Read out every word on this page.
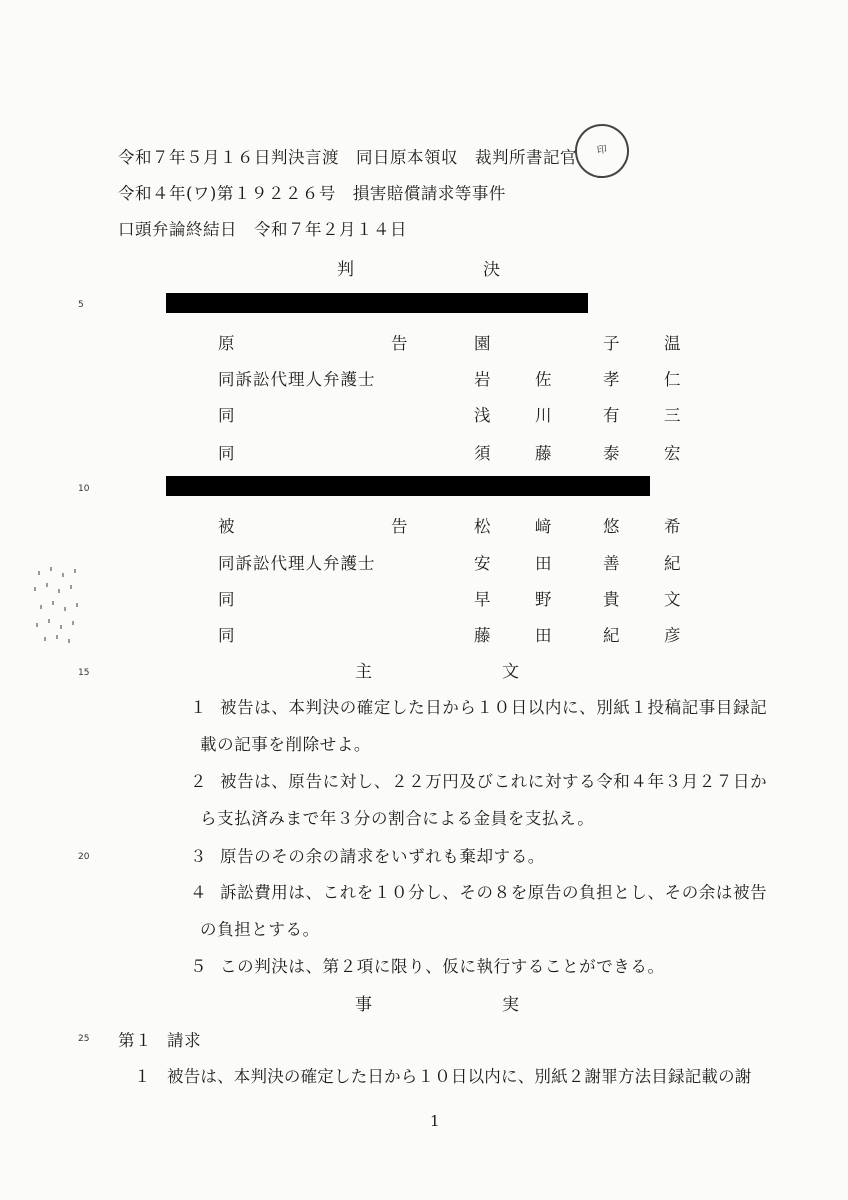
令和７年５月１６日判決言渡　同日原本領収　裁判所書記官
令和４年(ワ)第１９２２６号　損害賠償請求等事件
口頭弁論終結日　令和７年２月１４日
印
判	決
5
10
15
20
25
原	告	園	子	温
同訴訟代理人弁護士	岩	佐	孝	仁
同	浅	川	有	三
同	須	藤	泰	宏
被	告	松	﨑	悠	希
同訴訟代理人弁護士	安	田	善	紀
同	早	野	貴	文
同	藤	田	紀	彦
主	文
１ 被告は、本判決の確定した日から１０日以内に、別紙１投稿記事目録記
載の記事を削除せよ。
２ 被告は、原告に対し、２２万円及びこれに対する令和４年３月２７日か
ら支払済みまで年３分の割合による金員を支払え。
３ 原告のその余の請求をいずれも棄却する。
４ 訴訟費用は、これを１０分し、その８を原告の負担とし、その余は被告
の負担とする。
５ この判決は、第２項に限り、仮に執行することができる。
事	実
第１ 請求
１ 被告は、本判決の確定した日から１０日以内に、別紙２謝罪方法目録記載の謝
1
